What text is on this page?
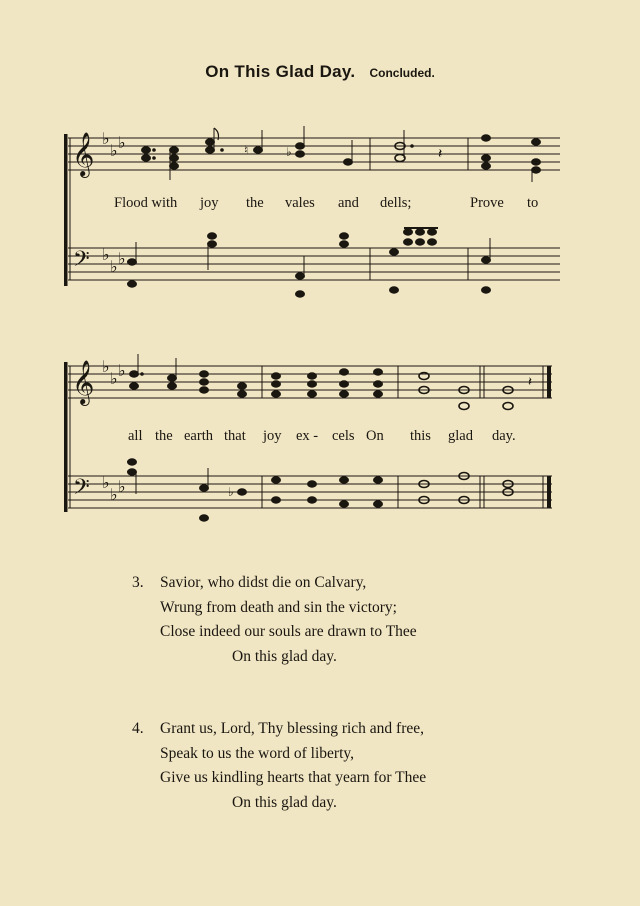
On This Glad Day. Concluded.
𝄞
𝄢
♭
♭ ♭
♭
♭ ♭
♮	♭	𝄽
Flood with joy the vales and dells;	Prove to
𝄞
𝄢
♭
♭ ♭
♭
♭ ♭
𝄽
♭
all the earth that joy ex - cels On this glad day.
3. Savior, who didst die on Calvary,
Wrung from death and sin the victory;
Close indeed our souls are drawn to Thee
On this glad day.
4. Grant us, Lord, Thy blessing rich and free,
Speak to us the word of liberty,
Give us kindling hearts that yearn for Thee
On this glad day.
